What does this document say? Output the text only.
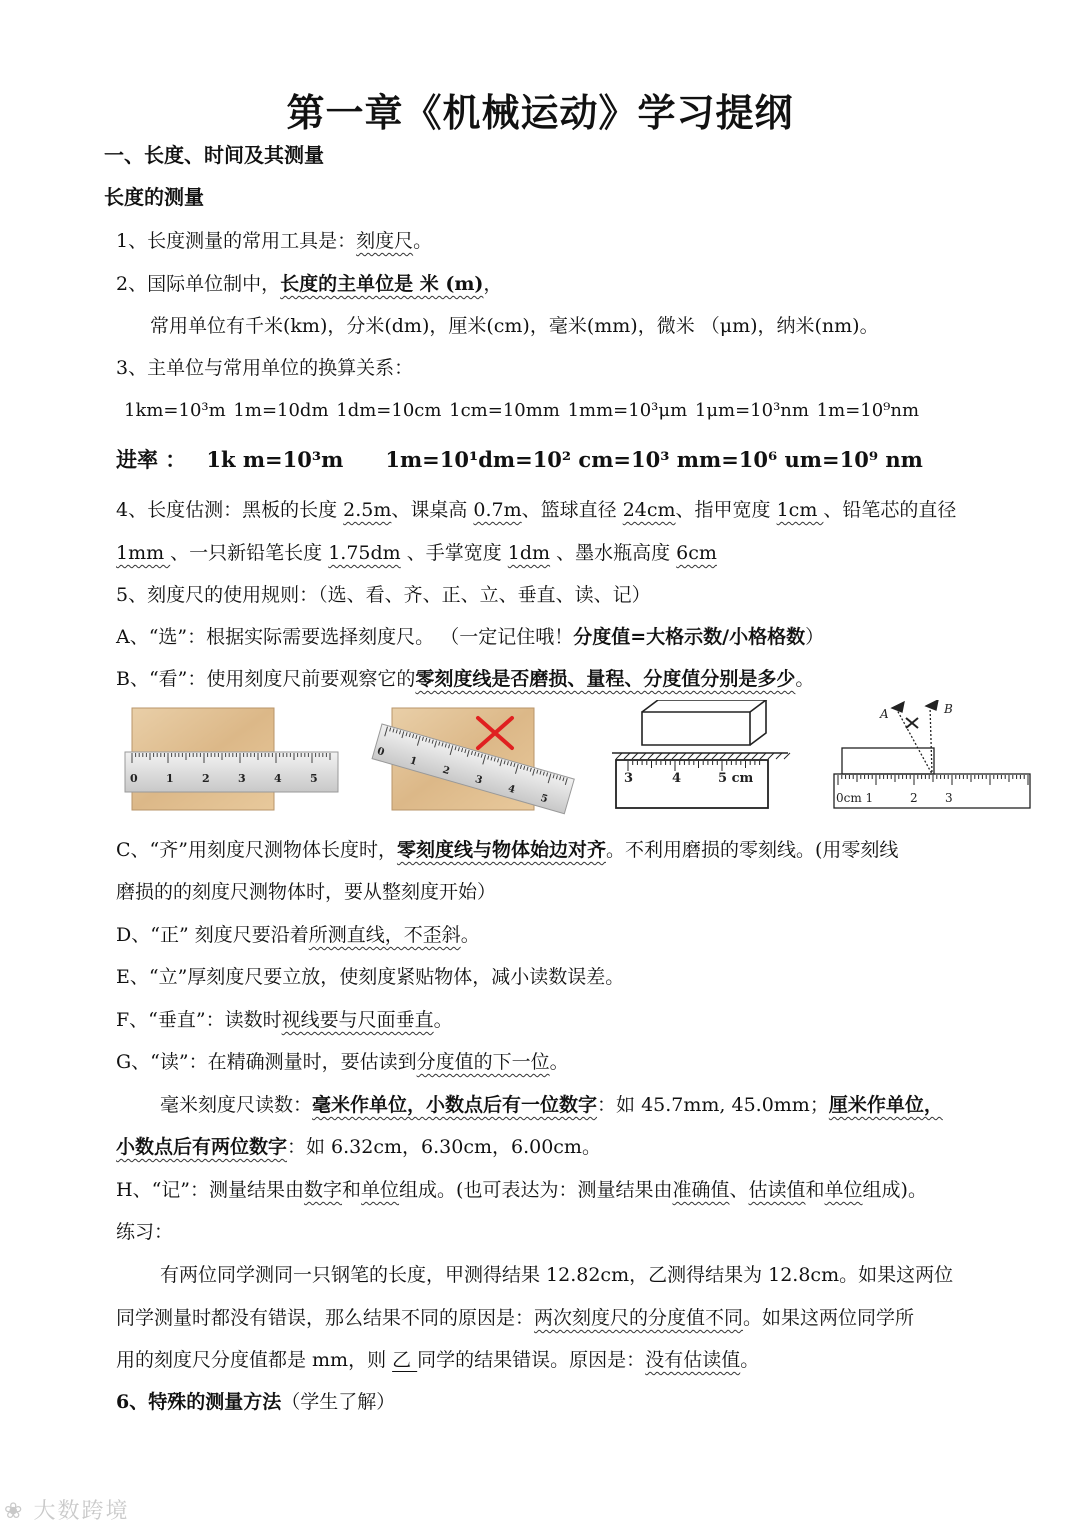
第一章《机械运动》学习提纲
一、长度、时间及其测量
长度的测量
1、长度测量的常用工具是：刻度尺。
2、国际单位制中，长度的主单位是 米 (m)，
常用单位有千米(km)，分米(dm)，厘米(cm)，毫米(mm)，微米 （μm)，纳米(nm)。
3、主单位与常用单位的换算关系：
1km=10³m 1m=10dm 1dm=10cm 1cm=10mm 1mm=10³μm 1μm=10³nm 1m=10⁹nm
进率 ： 1k m=10³m 1m=10¹dm=10² cm=10³ mm=10⁶ um=10⁹ nm
4、长度估测：黑板的长度 2.5m、课桌高 0.7m、篮球直径 24cm、指甲宽度 1cm 、铅笔芯的直径
1mm 、一只新铅笔长度 1.75dm 、手掌宽度 1dm 、墨水瓶高度 6cm
5、刻度尺的使用规则：（选、看、齐、正、立、垂直、读、记）
A、“选”：根据实际需要选择刻度尺。 （一定记住哦！分度值=大格示数/小格格数）
B、“看”：使用刻度尺前要观察它的零刻度线是否磨损、量程、分度值分别是多少。
0	1	2	3	4	5
0
1
2
3
4
5
3	4	5 cm
A	B
0cm 1	2 3
C、“齐”用刻度尺测物体长度时，零刻度线与物体始边对齐。不利用磨损的零刻线。(用零刻线
磨损的的刻度尺测物体时，要从整刻度开始）
D、“正” 刻度尺要沿着所测直线，不歪斜。
E、“立”厚刻度尺要立放，使刻度紧贴物体，减小读数误差。
F、“垂直”：读数时视线要与尺面垂直。
G、“读”：在精确测量时，要估读到分度值的下一位。
毫米刻度尺读数：毫米作单位，小数点后有一位数字：如 45.7mm, 45.0mm；厘米作单位，
小数点后有两位数字：如 6.32cm，6.30cm，6.00cm。
H、“记”：测量结果由数字和单位组成。(也可表达为：测量结果由准确值、估读值和单位组成)。
练习：
有两位同学测同一只钢笔的长度，甲测得结果 12.82cm，乙测得结果为 12.8cm。如果这两位
同学测量时都没有错误，那么结果不同的原因是：两次刻度尺的分度值不同。如果这两位同学所
用的刻度尺分度值都是 mm，则 乙 同学的结果错误。原因是：没有估读值。
6、特殊的测量方法（学生了解）
❀ 大数跨境
